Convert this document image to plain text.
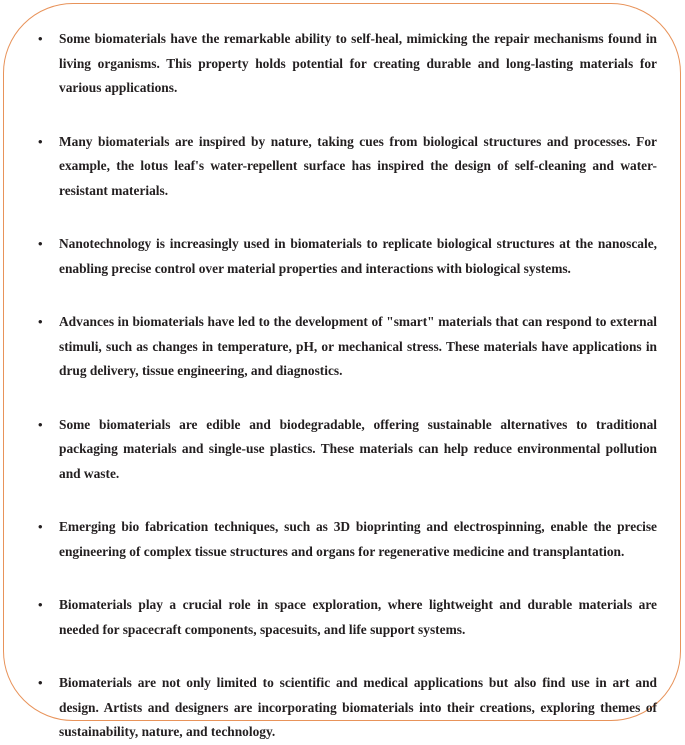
• Some biomaterials have the remarkable ability to self-heal, mimicking the repair mechanisms found in living organisms. This property holds potential for creating durable and long-lasting materials for various applications.
• Many biomaterials are inspired by nature, taking cues from biological structures and processes. For example, the lotus leaf's water-repellent surface has inspired the design of self-cleaning and water-resistant materials.
• Nanotechnology is increasingly used in biomaterials to replicate biological structures at the nanoscale, enabling precise control over material properties and interactions with biological systems.
• Advances in biomaterials have led to the development of "smart" materials that can respond to external stimuli, such as changes in temperature, pH, or mechanical stress. These materials have applications in drug delivery, tissue engineering, and diagnostics.
• Some biomaterials are edible and biodegradable, offering sustainable alternatives to traditional packaging materials and single-use plastics. These materials can help reduce environmental pollution and waste.
• Emerging bio fabrication techniques, such as 3D bioprinting and electrospinning, enable the precise engineering of complex tissue structures and organs for regenerative medicine and transplantation.
• Biomaterials play a crucial role in space exploration, where lightweight and durable materials are needed for spacecraft components, spacesuits, and life support systems.
• Biomaterials are not only limited to scientific and medical applications but also find use in art and design. Artists and designers are incorporating biomaterials into their creations, exploring themes of sustainability, nature, and technology.
